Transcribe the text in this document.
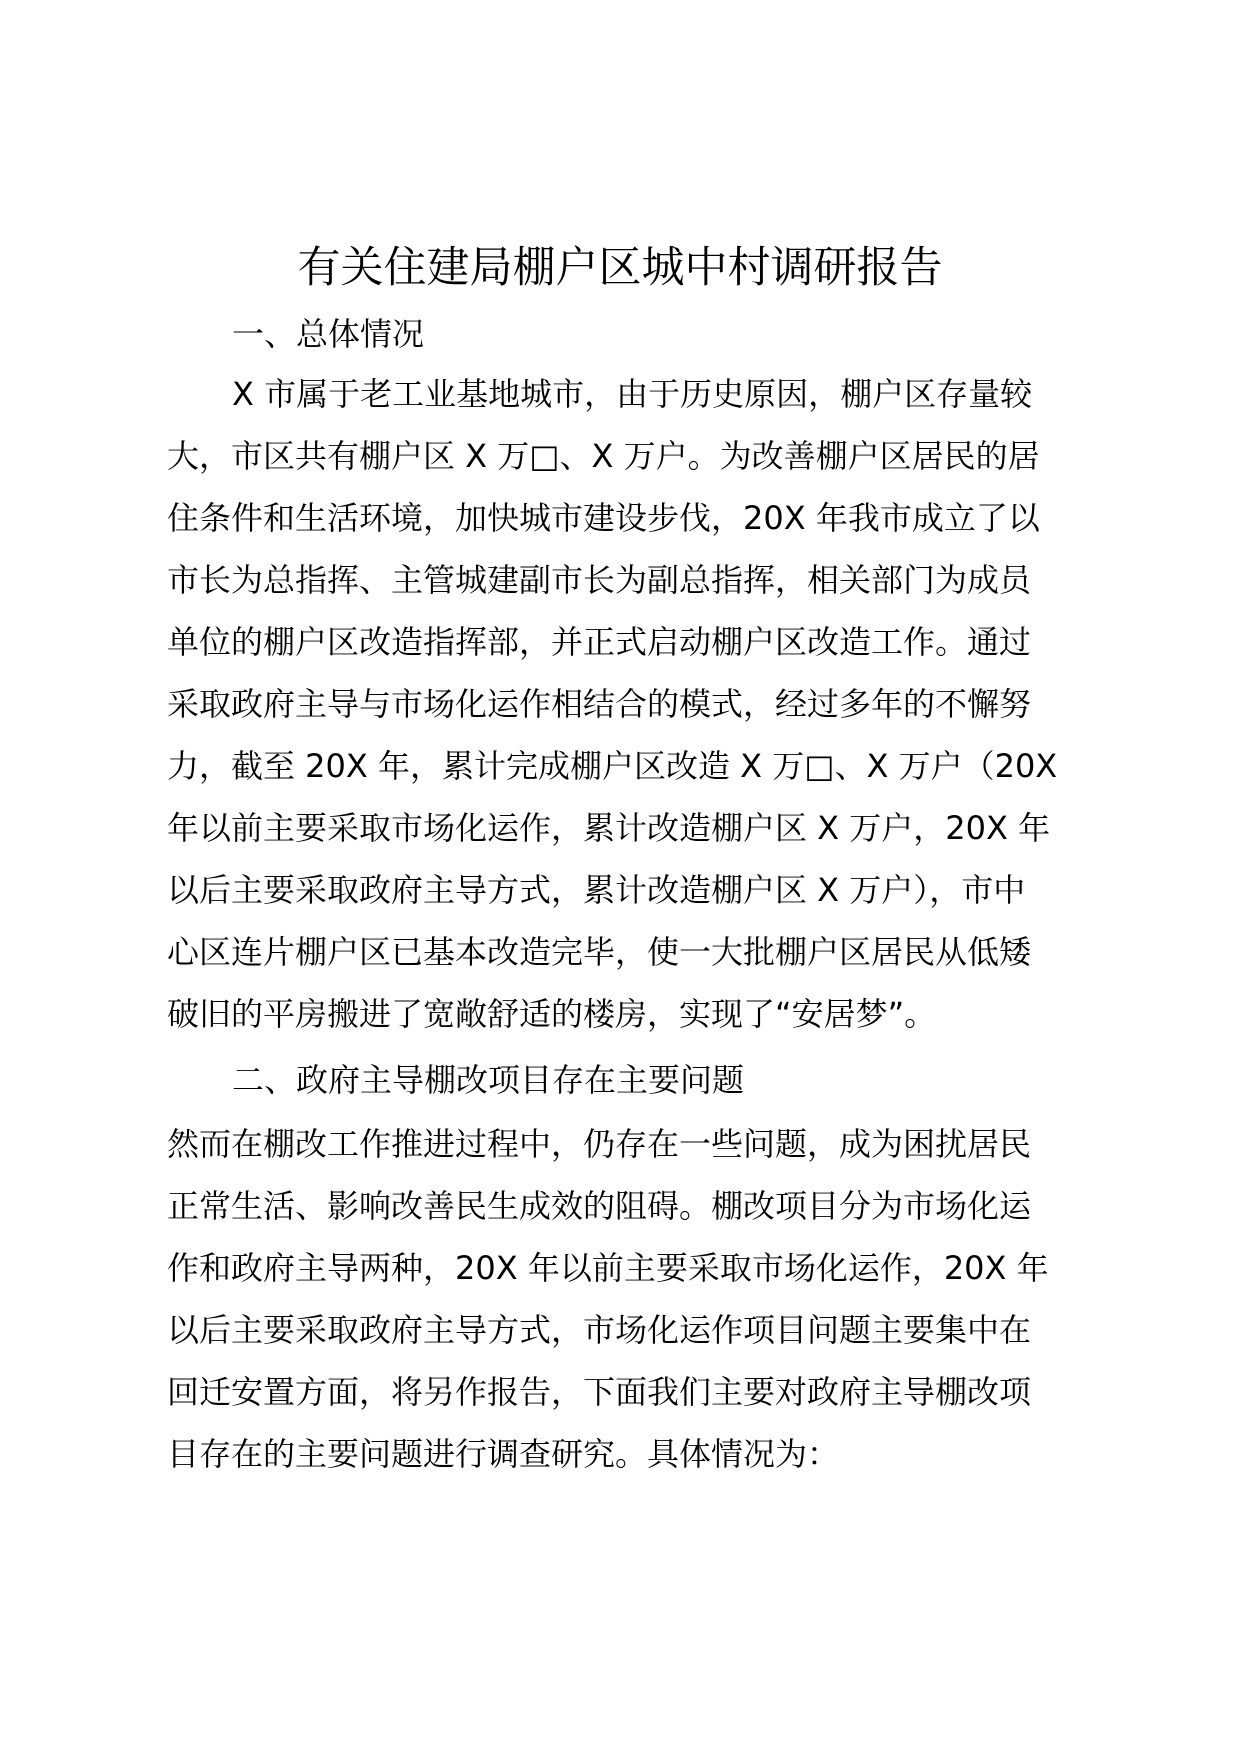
有关住建局棚户区城中村调研报告
一、总体情况
X 市属于老工业基地城市，由于历史原因，棚户区存量较
大，市区共有棚户区 X 万□、X 万户。为改善棚户区居民的居
住条件和生活环境，加快城市建设步伐，20X 年我市成立了以
市长为总指挥、主管城建副市长为副总指挥，相关部门为成员
单位的棚户区改造指挥部，并正式启动棚户区改造工作。通过
采取政府主导与市场化运作相结合的模式，经过多年的不懈努
力，截至 20X 年，累计完成棚户区改造 X 万□、X 万户（20X
年以前主要采取市场化运作，累计改造棚户区 X 万户，20X 年
以后主要采取政府主导方式，累计改造棚户区 X 万户），市中
心区连片棚户区已基本改造完毕，使一大批棚户区居民从低矮
破旧的平房搬进了宽敞舒适的楼房，实现了“安居梦”。
二、政府主导棚改项目存在主要问题
然而在棚改工作推进过程中，仍存在一些问题，成为困扰居民
正常生活、影响改善民生成效的阻碍。棚改项目分为市场化运
作和政府主导两种，20X 年以前主要采取市场化运作，20X 年
以后主要采取政府主导方式，市场化运作项目问题主要集中在
回迁安置方面，将另作报告，下面我们主要对政府主导棚改项
目存在的主要问题进行调查研究。具体情况为：
